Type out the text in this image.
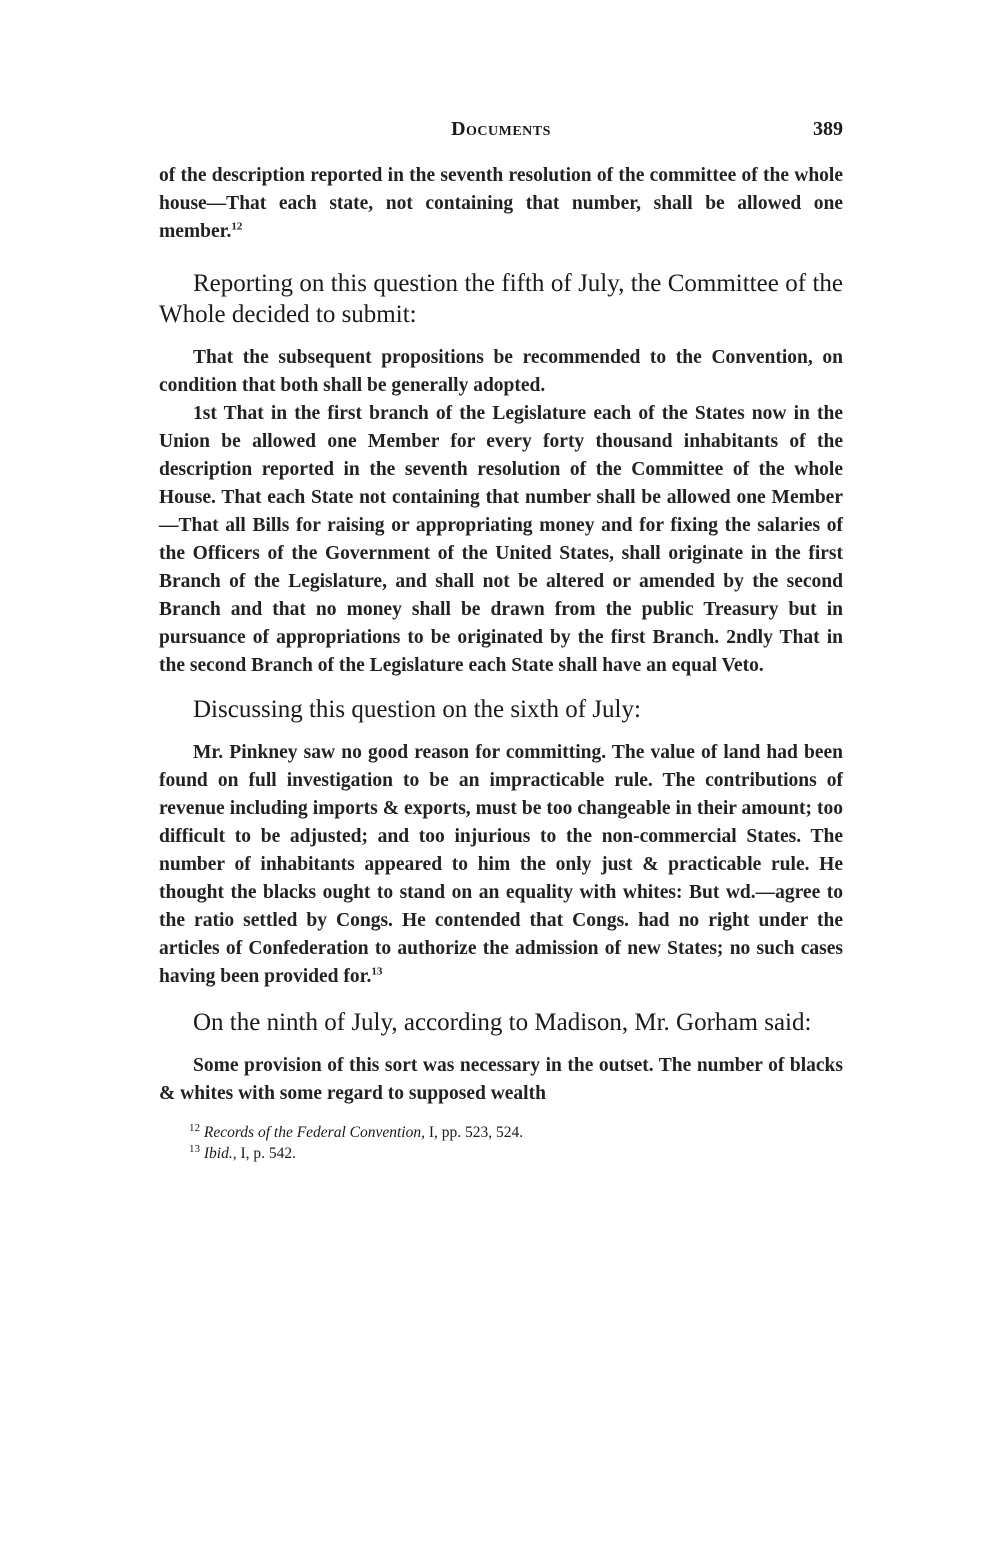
Documents	389

of the description reported in the seventh resolution of the committee of the whole house—That each state, not containing that number, shall be allowed one member.$^{12}$

Reporting on this question the fifth of July, the Committee of the Whole decided to submit:

That the subsequent propositions be recommended to the Convention, on condition that both shall be generally adopted.

1st That in the first branch of the Legislature each of the States now in the Union be allowed one Member for every forty thousand inhabitants of the description reported in the seventh resolution of the Committee of the whole House. That each State not containing that number shall be allowed one Member—That all Bills for raising or appropriating money and for fixing the salaries of the Officers of the Government of the United States, shall originate in the first Branch of the Legislature, and shall not be altered or amended by the second Branch and that no money shall be drawn from the public Treasury but in pursuance of appropriations to be originated by the first Branch. 2ndly That in the second Branch of the Legislature each State shall have an equal Veto.

Discussing this question on the sixth of July:

Mr. Pinkney saw no good reason for committing. The value of land had been found on full investigation to be an impracticable rule. The contributions of revenue including imports & exports, must be too changeable in their amount; too difficult to be adjusted; and too injurious to the non-commercial States. The number of inhabitants appeared to him the only just & practicable rule. He thought the blacks ought to stand on an equality with whites: But wd.—agree to the ratio settled by Congs. He contended that Congs. had no right under the articles of Confederation to authorize the admission of new States; no such cases having been provided for.$^{13}$

On the ninth of July, according to Madison, Mr. Gorham said:

Some provision of this sort was necessary in the outset. The number of blacks & whites with some regard to supposed wealth

$^{12}$ Records of the Federal Convention, I, pp. 523, 524.

$^{13}$ Ibid., I, p. 542.
